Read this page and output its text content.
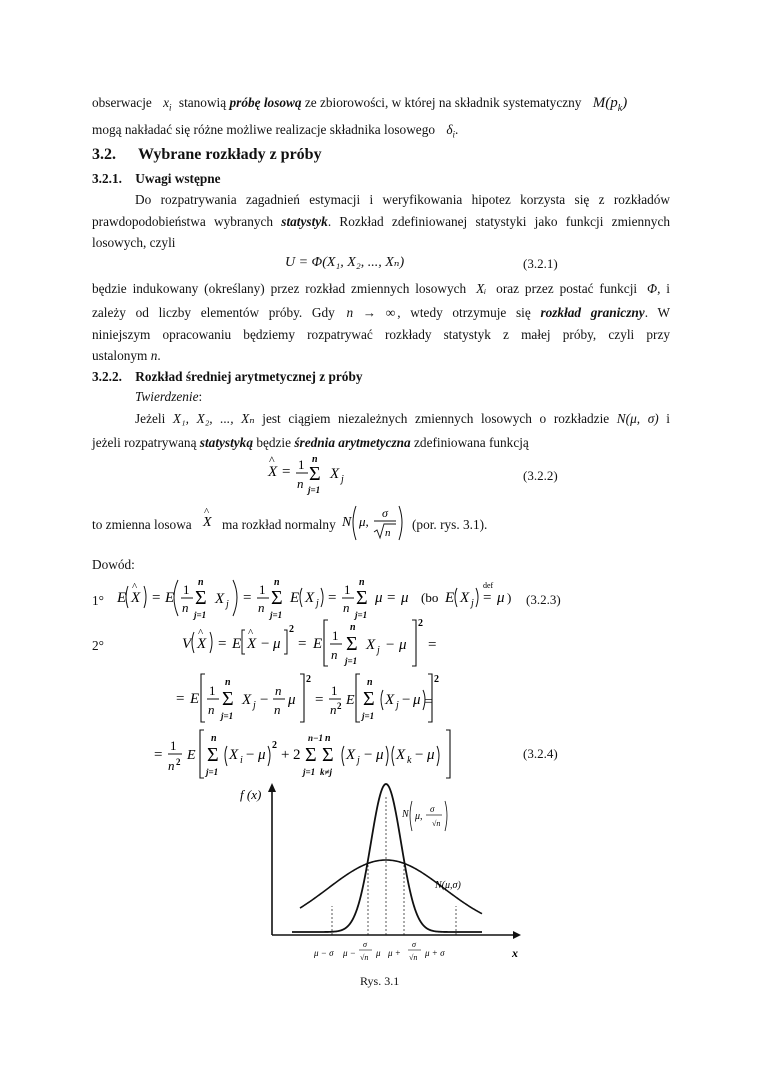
obserwacje $x_i$ stanowią próbę losową ze zbiorowości, w której na składnik systematyczny $M(p_k)$
mogą nakładać się różne możliwe realizacje składnika losowego $\delta_i$.
3.2. Wybrane rozkłady z próby
3.2.1. Uwagi wstępne
Do rozpatrywania zagadnień estymacji i weryfikowania hipotez korzysta się z rozkładów
prawdopodobieństwa wybranych statystyk. Rozkład zdefiniowanej statystyki jako funkcji zmiennych
losowych, czyli
U = Φ(X₁, X₂, ..., Xₙ)	(3.2.1)
będzie indukowany (określany) przez rozkład zmiennych losowych Xᵢ oraz przez postać funkcji Φ, i
zależy od liczby elementów próby. Gdy n → ∞ , wtedy otrzymuje się rozkład graniczny. W
niniejszym opracowaniu będziemy rozpatrywać rozkłady statystyk z małej próby, czyli przy
ustalonym n.
3.2.2. Rozkład średniej arytmetycznej z próby
Twierdzenie:
Jeżeli X₁, X₂, ..., Xₙ jest ciągiem niezależnych zmiennych losowych o rozkładzie N(μ, σ) i
jeżeli rozpatrywaną statystyką będzie średnia arytmetyczna zdefiniowana funkcją
X
^
= 1
n
n
Σ
j=1
X j	(3.2.2)
to zmienna losowa X
^
ma rozkład normalny N μ,
σ
n
(por. rys. 3.1).
Dowód:
1° E X
^
= E
1
n
n
Σ
j=1
X j =
1
n
n
Σ
j=1
E X j =
1
n
n
Σ
j=1
μ = μ (bo E X j
def
= μ ) (3.2.3)
2°	V X
^
= E X
^
− μ
2
= E
1
n
n
Σ
j=1
X j − μ
2
=
= E
1
n
n
Σ
j=1
X j −
n
n
μ
2
=
1
n 2 E
n
Σ
j=1
X j − μ
2
=
=
1
n 2 E
n
Σ
j=1
X i − μ
2
+ 2
n−1
Σ
j=1
n
Σ
k≠j
X j − μ X k − μ	(3.2.4)
f (x)
x
N μ,
σ
√n
N(μ,σ)
μ − σ μ −
σ
√n μ μ +
σ
√n μ + σ
Rys. 3.1
